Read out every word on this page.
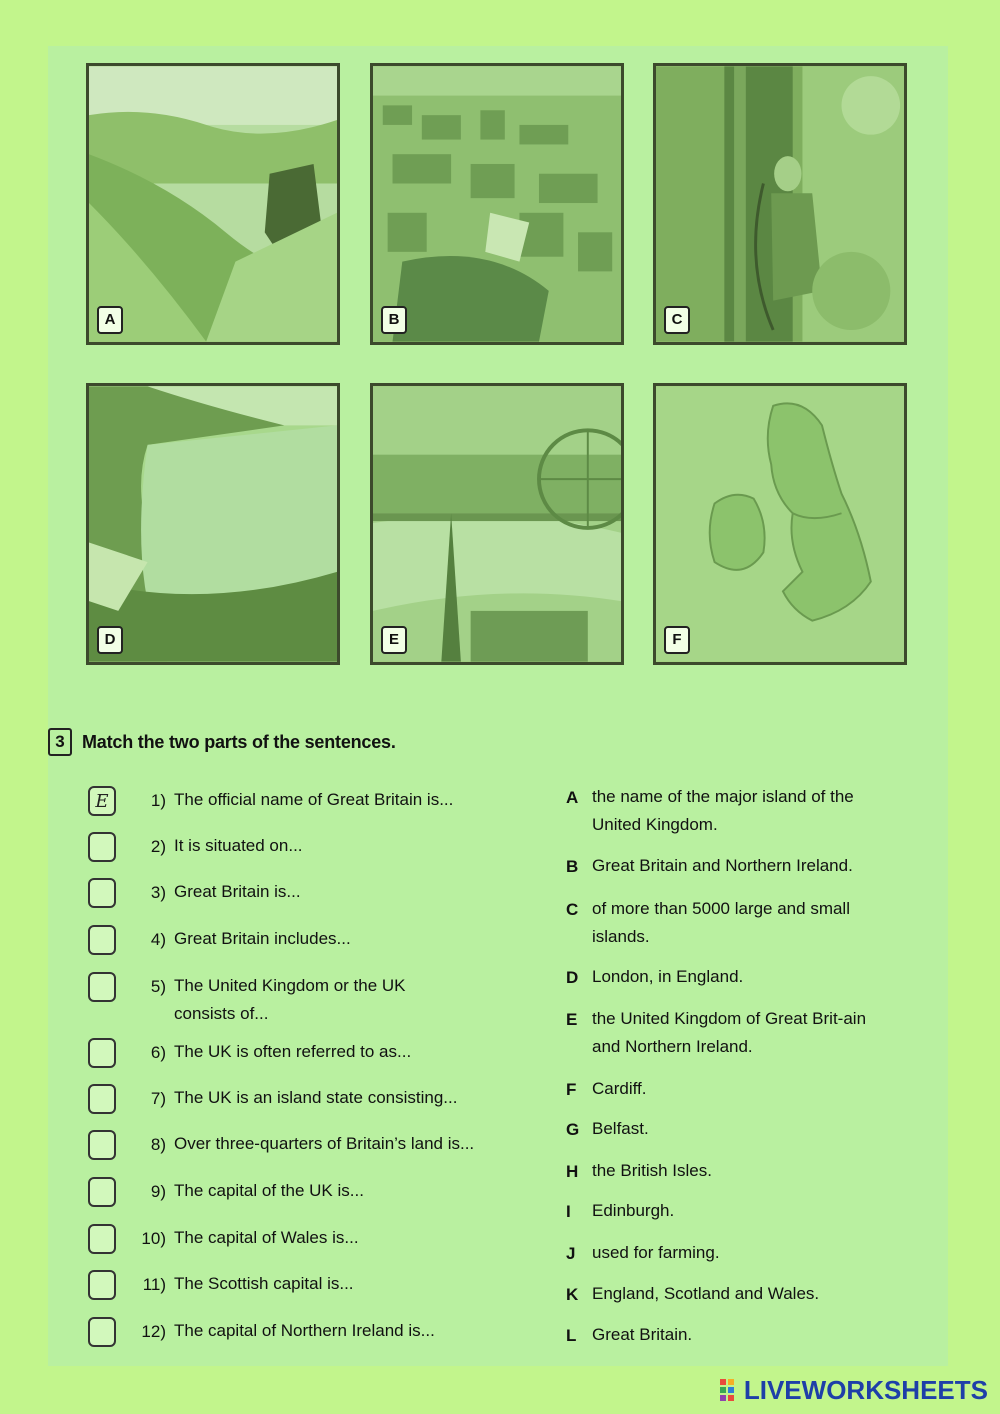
A	B	C
D	E	F
3 Match the two parts of the sentences.
E	1) The official name of Great Britain is...
2) It is situated on...
3) Great Britain is...
4) Great Britain includes...
5) The United Kingdom or the UK consists of...
6) The UK is often referred to as...
7) The UK is an island state consisting...
8) Over three-quarters of Britain’s land is...
9) The capital of the UK is...
10) The capital of Wales is...
11) The Scottish capital is...
12) The capital of Northern Ireland is...
A the name of the major island of the United Kingdom.
B Great Britain and Northern Ireland.
C of more than 5000 large and small islands.
D London, in England.
E the United Kingdom of Great Brit-ain and Northern Ireland.
F Cardiff.
G Belfast.
H the British Isles.
I	Edinburgh.
J used for farming.
K England, Scotland and Wales.
L Great Britain.
LIVEWORKSHEETS
